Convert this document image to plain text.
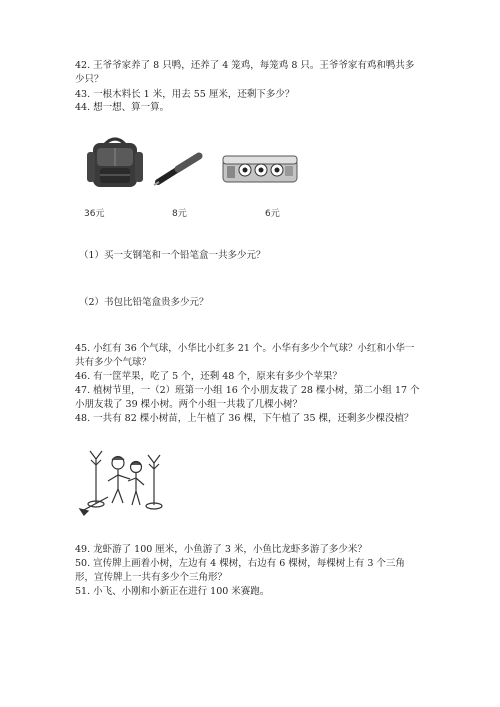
42. 王爷爷家养了 8 只鸭，还养了 4 笼鸡，每笼鸡 8 只。王爷爷家有鸡和鸭共多
少只？
43. 一根木料长 1 米，用去 55 厘米，还剩下多少？
44. 想一想、算一算。
36元	8元	6元
（1）买一支钢笔和一个铅笔盒一共多少元？
（2）书包比铅笔盒贵多少元？
45. 小红有 36 个气球，小华比小红多 21 个。小华有多少个气球？小红和小华一
共有多少个气球？
46. 有一筐苹果，吃了 5 个，还剩 48 个，原来有多少个苹果？
47. 植树节里，一（2）班第一小组 16 个小朋友栽了 28 棵小树，第二小组 17 个
小朋友栽了 39 棵小树。两个小组一共栽了几棵小树？
48. 一共有 82 棵小树苗，上午植了 36 棵，下午植了 35 棵，还剩多少棵没植？
49. 龙虾游了 100 厘米，小鱼游了 3 米，小鱼比龙虾多游了多少米？
50. 宣传牌上画着小树，左边有 4 棵树，右边有 6 棵树，每棵树上有 3 个三角
形，宣传牌上一共有多少个三角形？
51. 小飞、小刚和小新正在进行 100 米赛跑。
